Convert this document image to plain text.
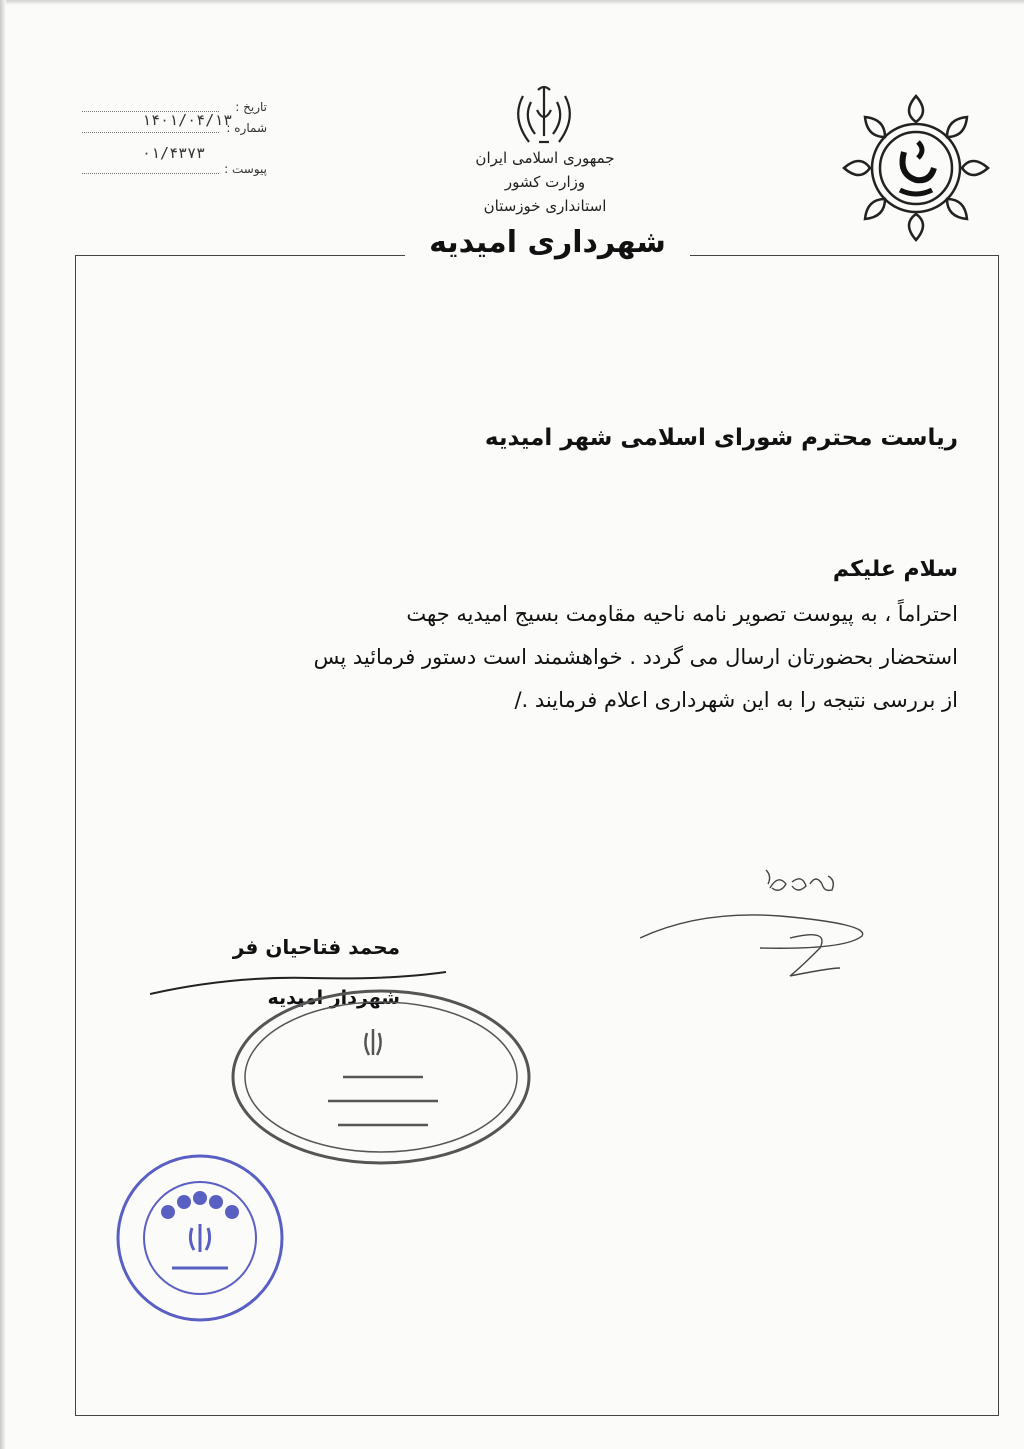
تاریخ :
۱۴۰۱/۰۴/۱۳
شماره :
۰۱/۴۳۷۳
پیوست :
جمهوری اسلامی ایران
وزارت کشور
استانداری خوزستان
شهرداری امیدیه
ریاست محترم شورای اسلامی شهر امیدیه
سلام علیکم
احتراماً ، به پیوست تصویر نامه ناحیه مقاومت بسیج امیدیه جهت
استحضار بحضورتان ارسال می گردد . خواهشمند است دستور فرمائید پس
از بررسی نتیجه را به این شهرداری اعلام فرمایند ./
محمد فتاحیان فر
شهردار امیدیه
